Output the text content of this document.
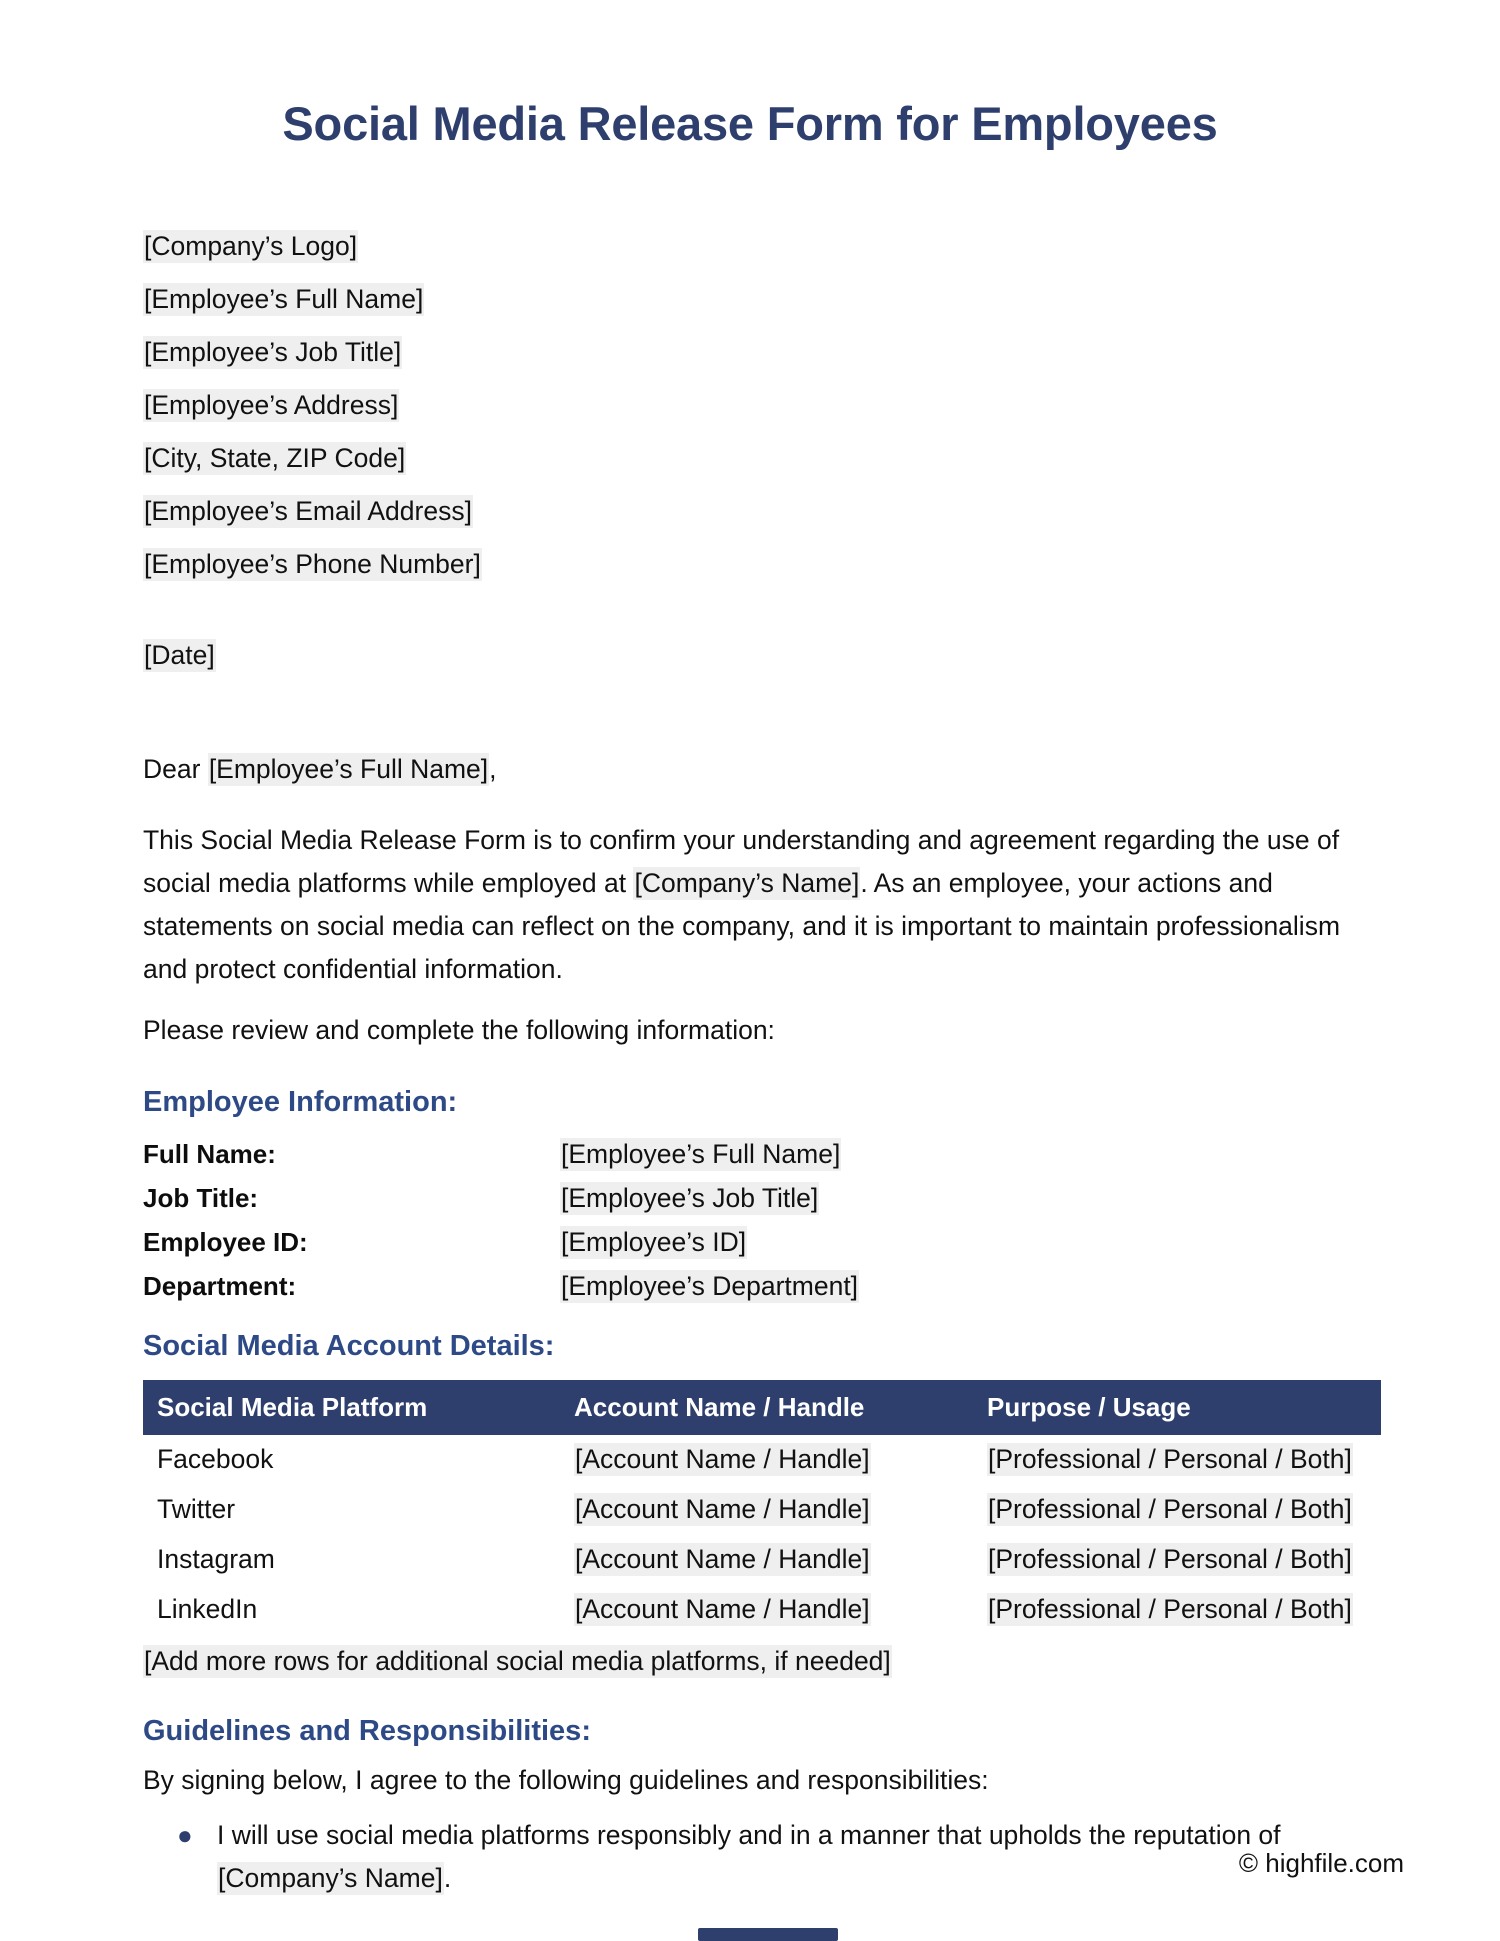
Social Media Release Form for Employees
[Company’s Logo]
[Employee’s Full Name]
[Employee’s Job Title]
[Employee’s Address]
[City, State, ZIP Code]
[Employee’s Email Address]
[Employee’s Phone Number]
[Date]
Dear [Employee’s Full Name],
This Social Media Release Form is to confirm your understanding and agreement regarding the use of social media platforms while employed at [Company’s Name]. As an employee, your actions and statements on social media can reflect on the company, and it is important to maintain professionalism and protect confidential information.
Please review and complete the following information:
Employee Information:
Full Name:	[Employee’s Full Name]
Job Title:	[Employee’s Job Title]
Employee ID:	[Employee’s ID]
Department:	[Employee’s Department]
Social Media Account Details:
Social Media Platform	Account Name / Handle	Purpose / Usage
Facebook	[Account Name / Handle]	[Professional / Personal / Both]
Twitter	[Account Name / Handle]	[Professional / Personal / Both]
Instagram	[Account Name / Handle]	[Professional / Personal / Both]
LinkedIn	[Account Name / Handle]	[Professional / Personal / Both]
[Add more rows for additional social media platforms, if needed]
Guidelines and Responsibilities:
By signing below, I agree to the following guidelines and responsibilities:
● I will use social media platforms responsibly and in a manner that upholds the reputation of [Company’s Name].	© highfile.com
